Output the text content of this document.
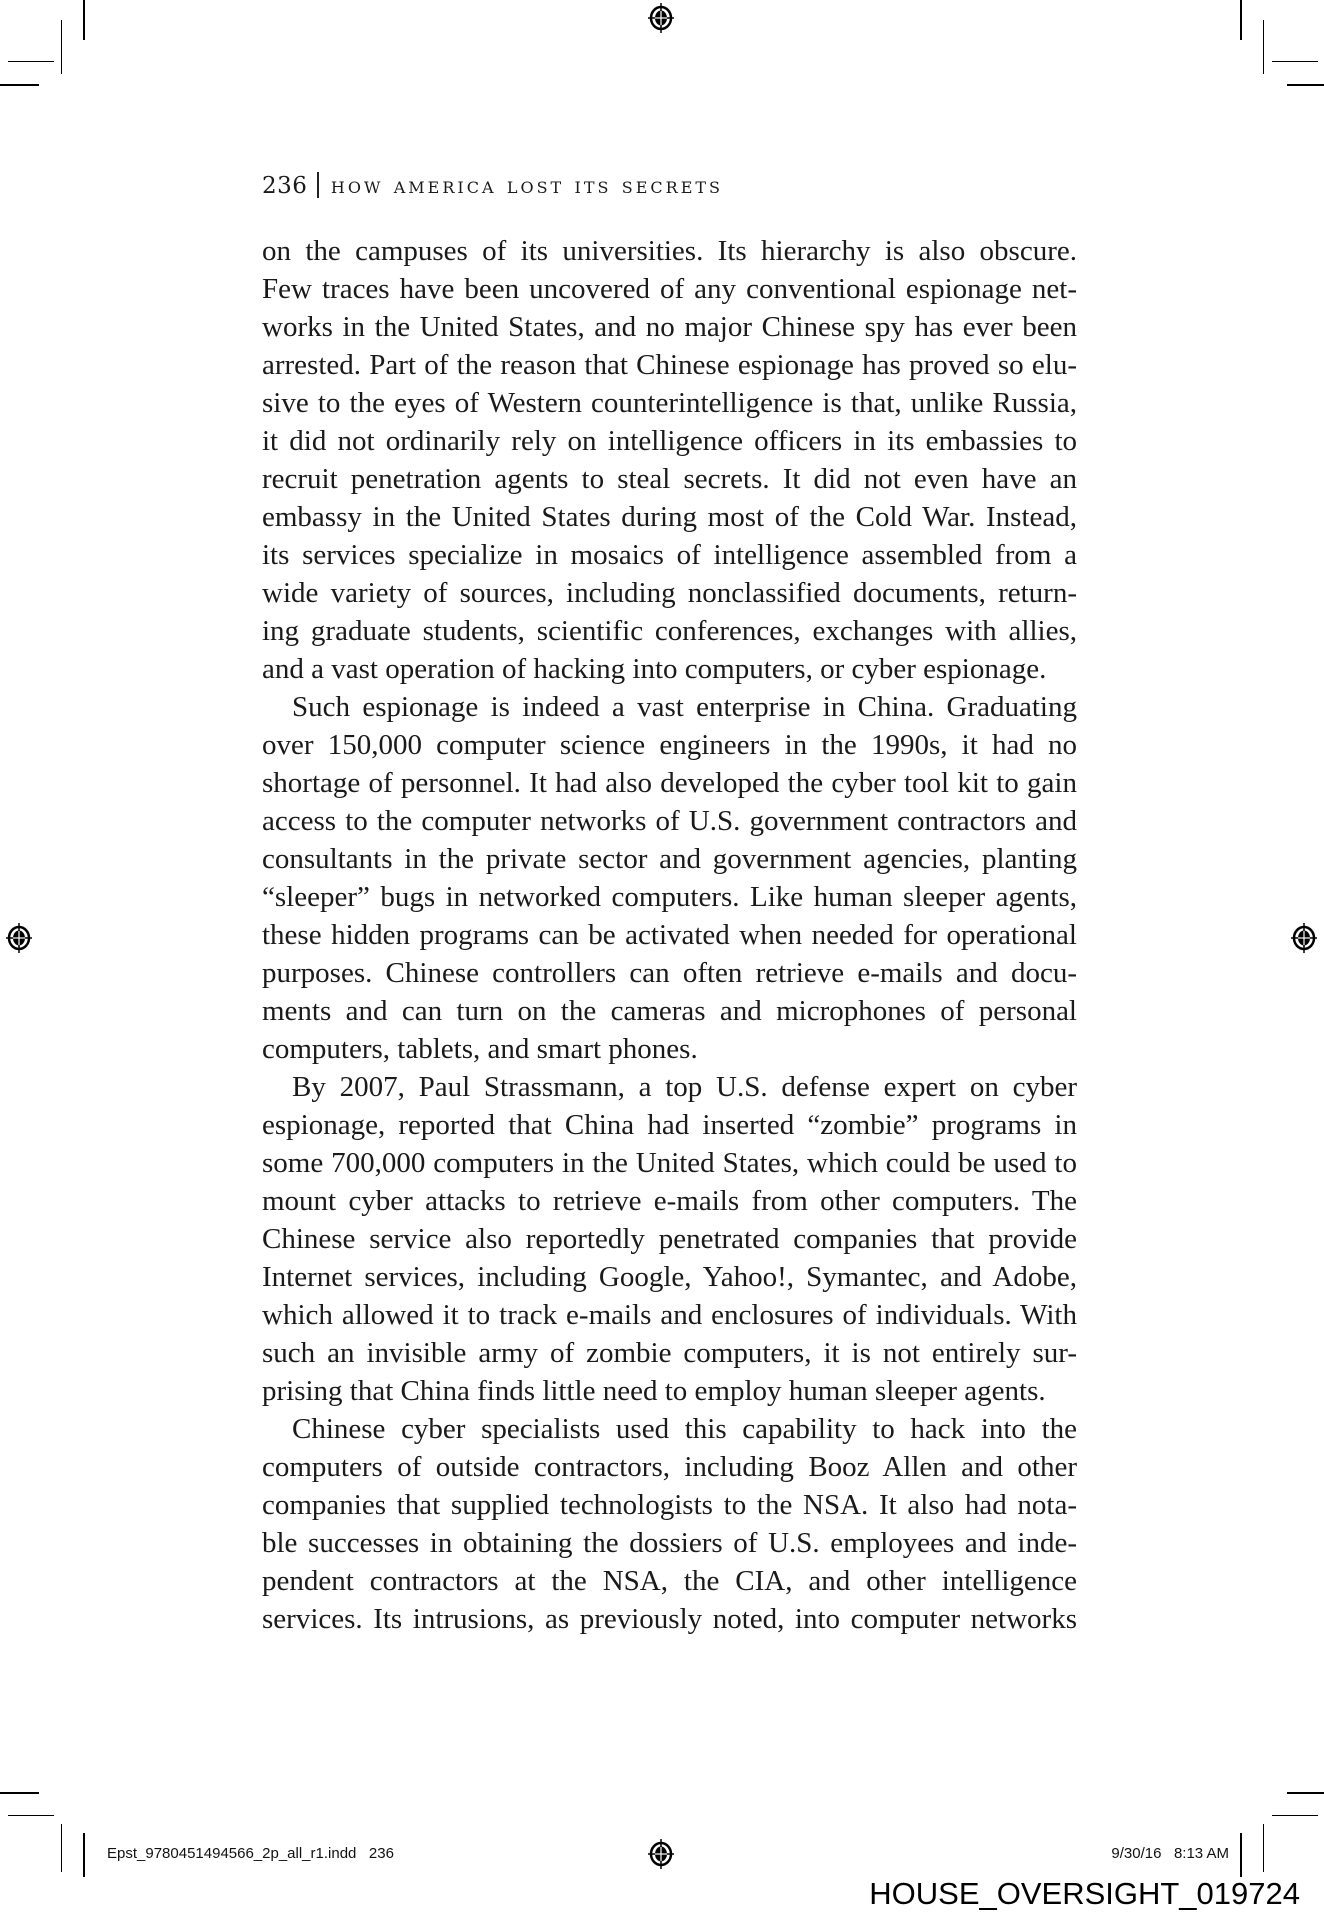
236 how america lost its secrets
on the campuses of its universities. Its hierarchy is also obscure.
Few traces have been uncovered of any conventional espionage net-
works in the United States, and no major Chinese spy has ever been
arrested. Part of the reason that Chinese espionage has proved so elu-
sive to the eyes of Western counterintelligence is that, unlike Russia,
it did not ordinarily rely on intelligence officers in its embassies to
recruit penetration agents to steal secrets. It did not even have an
embassy in the United States during most of the Cold War. Instead,
its services specialize in mosaics of intelligence assembled from a
wide variety of sources, including nonclassified documents, return-
ing graduate students, scientific conferences, exchanges with allies,
and a vast operation of hacking into computers, or cyber espionage.
Such espionage is indeed a vast enterprise in China. Graduating
over 150,000 computer science engineers in the 1990s, it had no
shortage of personnel. It had also developed the cyber tool kit to gain
access to the computer networks of U.S. government contractors and
consultants in the private sector and government agencies, planting
“sleeper” bugs in networked computers. Like human sleeper agents,
these hidden programs can be activated when needed for operational
purposes. Chinese controllers can often retrieve e-mails and docu-
ments and can turn on the cameras and microphones of personal
computers, tablets, and smart phones.
By 2007, Paul Strassmann, a top U.S. defense expert on cyber
espionage, reported that China had inserted “zombie” programs in
some 700,000 computers in the United States, which could be used to
mount cyber attacks to retrieve e-mails from other computers. The
Chinese service also reportedly penetrated companies that provide
Internet services, including Google, Yahoo!, Symantec, and Adobe,
which allowed it to track e-mails and enclosures of individuals. With
such an invisible army of zombie computers, it is not entirely sur-
prising that China finds little need to employ human sleeper agents.
Chinese cyber specialists used this capability to hack into the
computers of outside contractors, including Booz Allen and other
companies that supplied technologists to the NSA. It also had nota-
ble successes in obtaining the dossiers of U.S. employees and inde-
pendent contractors at the NSA, the CIA, and other intelligence
services. Its intrusions, as previously noted, into computer networks
Epst_9780451494566_2p_all_r1.indd   236	9/30/16   8:13 AM
HOUSE_OVERSIGHT_019724
